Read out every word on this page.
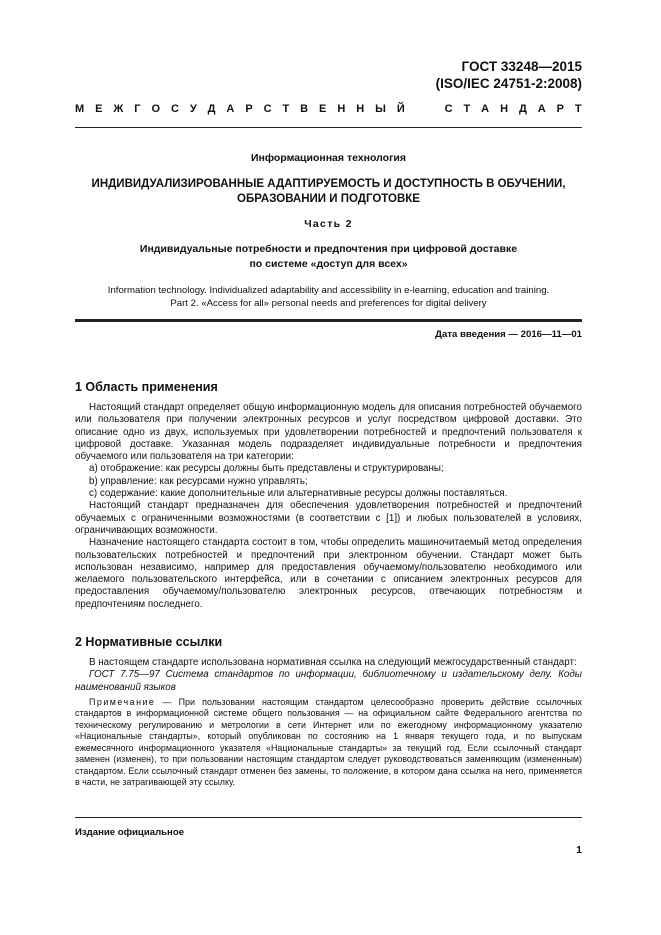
ГОСТ 33248—2015
(ISO/IEC 24751-2:2008)
М Е Ж Г О С У Д А Р С Т В Е Н Н Ы Й	С Т А Н Д А Р Т
Информационная технология
ИНДИВИДУАЛИЗИРОВАННЫЕ АДАПТИРУЕМОСТЬ И ДОСТУПНОСТЬ В ОБУЧЕНИИ,
ОБРАЗОВАНИИ И ПОДГОТОВКЕ
Часть 2
Индивидуальные потребности и предпочтения при цифровой доставке
по системе «доступ для всех»
Information technology. Individualized adaptability and accessibility in e-learning, education and training.
Part 2. «Access for all» personal needs and preferences for digital delivery
Дата введения — 2016—11—01
1 Область применения

Настоящий стандарт определяет общую информационную модель для описания потребностей обучаемого или пользователя при получении электронных ресурсов и услуг посредством цифровой доставки. Это описание одно из двух, используемых при удовлетворении потребностей и предпочтений пользователя к цифровой доставке. Указанная модель подразделяет индивидуальные потребности и предпочтения обучаемого или пользователя на три категории:

а) отображение: как ресурсы должны быть представлены и структурированы;

b) управление: как ресурсами нужно управлять;

с) содержание: какие дополнительные или альтернативные ресурсы должны поставляться.

Настоящий стандарт предназначен для обеспечения удовлетворения потребностей и предпочтений обучаемых с ограниченными возможностями (в соответствии с [1]) и любых пользователей в условиях, ограничивающих возможности.

Назначение настоящего стандарта состоит в том, чтобы определить машиночитаемый метод определения пользовательских потребностей и предпочтений при электронном обучении. Стандарт может быть использован независимо, например для предоставления обучаемому/пользователю необходимого или желаемого пользовательского интерфейса, или в сочетании с описанием электронных ресурсов для предоставления обучаемому/пользователю электронных ресурсов, отвечающих потребностям и предпочтениям последнего.

2 Нормативные ссылки

В настоящем стандарте использована нормативная ссылка на следующий межгосударственный стандарт:

ГОСТ 7.75—97 Система стандартов по информации, библиотечному и издательскому делу. Коды наименований языков

Примечание — При пользовании настоящим стандартом целесообразно проверить действие ссылочных стандартов в информационной системе общего пользования — на официальном сайте Федерального агентства по техническому регулированию и метрологии в сети Интернет или по ежегодному информационному указателю «Национальные стандарты», который опубликован по состоянию на 1 января текущего года, и по выпускам ежемесячного информационного указателя «Национальные стандарты» за текущий год. Если ссылочный стандарт заменен (изменен), то при пользовании настоящим стандартом следует руководствоваться заменяющим (измененным) стандартом. Если ссылочный стандарт отменен без замены, то положение, в котором дана ссылка на него, применяется в части, не затрагивающей эту ссылку.

Издание официальное
1
